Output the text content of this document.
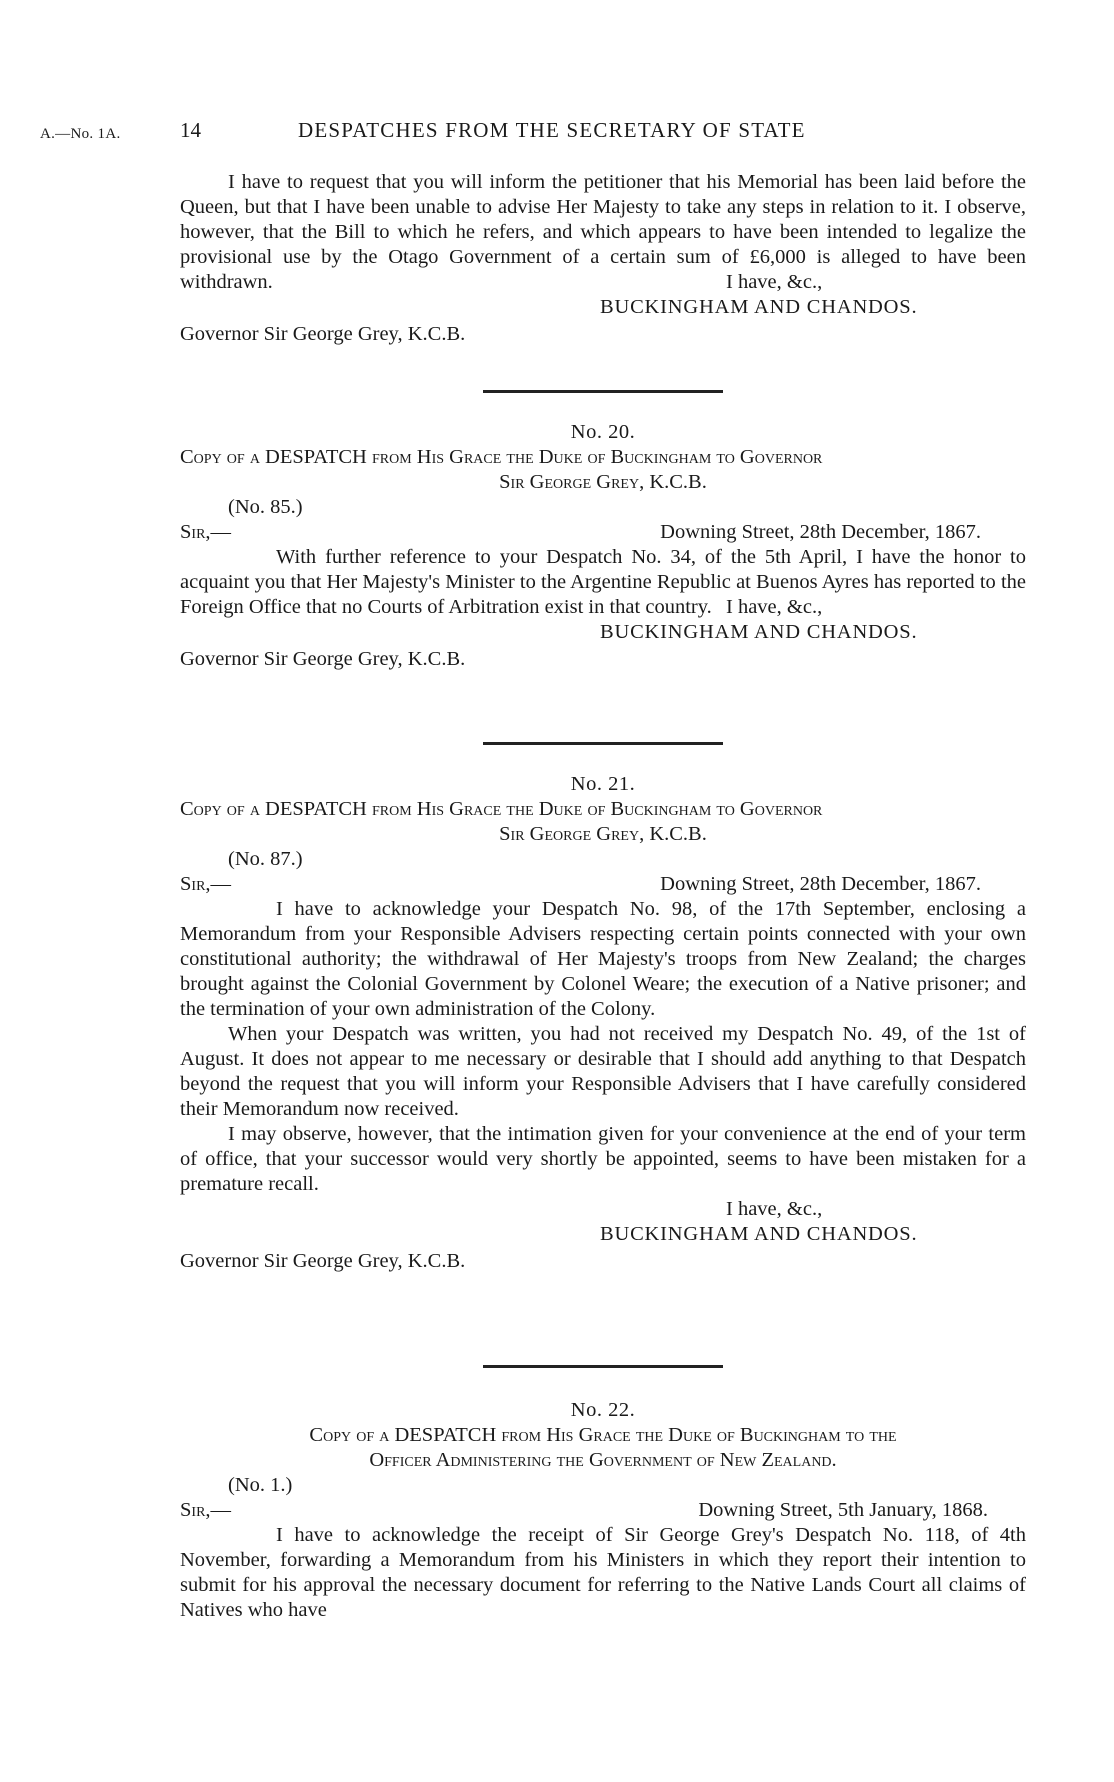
A.—No. 1A.	14	DESPATCHES FROM THE SECRETARY OF STATE

I have to request that you will inform the petitioner that his Memorial has been laid before the Queen, but that I have been unable to advise Her Majesty to take any steps in relation to it. I observe, however, that the Bill to which he refers, and which appears to have been intended to legalize the provisional use by the Otago Government of a certain sum of £6,000 is alleged to have been withdrawn.	I have, &c.,
BUCKINGHAM AND CHANDOS.
Governor Sir George Grey, K.C.B.
No. 20.
Copy of a DESPATCH from His Grace the Duke of Buckingham to Governor
Sir George Grey, K.C.B.
(No. 85.)
Sir,—	Downing Street, 28th December, 1867.

With further reference to your Despatch No. 34, of the 5th April, I have the honor to acquaint you that Her Majesty's Minister to the Argentine Republic at Buenos Ayres has reported to the Foreign Office that no Courts of Arbitration exist in that country. I have, &c.,
BUCKINGHAM AND CHANDOS.
Governor Sir George Grey, K.C.B.
No. 21.
Copy of a DESPATCH from His Grace the Duke of Buckingham to Governor
Sir George Grey, K.C.B.
(No. 87.)
Sir,—	Downing Street, 28th December, 1867.

I have to acknowledge your Despatch No. 98, of the 17th September, enclosing a Memorandum from your Responsible Advisers respecting certain points connected with your own constitutional authority; the withdrawal of Her Majesty's troops from New Zealand; the charges brought against the Colonial Government by Colonel Weare; the execution of a Native prisoner; and the termination of your own administration of the Colony.

When your Despatch was written, you had not received my Despatch No. 49, of the 1st of August. It does not appear to me necessary or desirable that I should add anything to that Despatch beyond the request that you will inform your Responsible Advisers that I have carefully considered their Memorandum now received.

I may observe, however, that the intimation given for your convenience at the end of your term of office, that your successor would very shortly be appointed, seems to have been mistaken for a premature recall.

I have, &c.,
BUCKINGHAM AND CHANDOS.
Governor Sir George Grey, K.C.B.
No. 22.
Copy of a DESPATCH from His Grace the Duke of Buckingham to the
Officer Administering the Government of New Zealand.
(No. 1.)
Sir,—	Downing Street, 5th January, 1868.

I have to acknowledge the receipt of Sir George Grey's Despatch No. 118, of 4th November, forwarding a Memorandum from his Ministers in which they report their intention to submit for his approval the necessary document for referring to the Native Lands Court all claims of Natives who have
